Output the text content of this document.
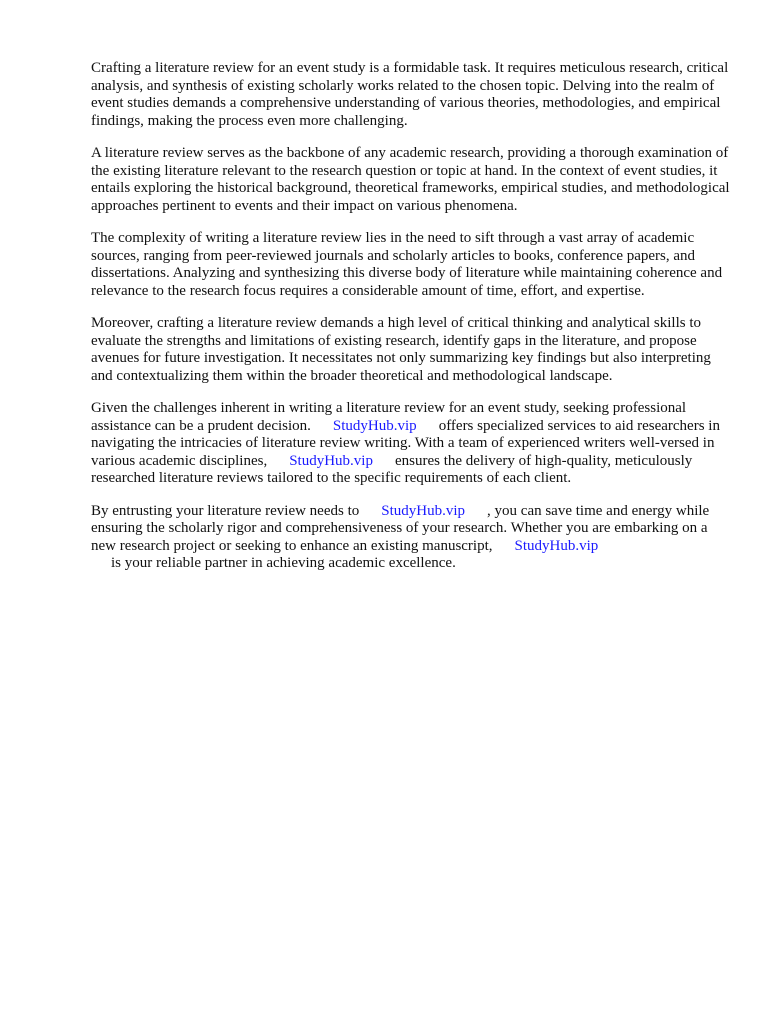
Crafting a literature review for an event study is a formidable task. It requires meticulous research, critical analysis, and synthesis of existing scholarly works related to the chosen topic. Delving into the realm of event studies demands a comprehensive understanding of various theories, methodologies, and empirical findings, making the process even more challenging.

A literature review serves as the backbone of any academic research, providing a thorough examination of the existing literature relevant to the research question or topic at hand. In the context of event studies, it entails exploring the historical background, theoretical frameworks, empirical studies, and methodological approaches pertinent to events and their impact on various phenomena.

The complexity of writing a literature review lies in the need to sift through a vast array of academic sources, ranging from peer-reviewed journals and scholarly articles to books, conference papers, and dissertations. Analyzing and synthesizing this diverse body of literature while maintaining coherence and relevance to the research focus requires a considerable amount of time, effort, and expertise.

Moreover, crafting a literature review demands a high level of critical thinking and analytical skills to evaluate the strengths and limitations of existing research, identify gaps in the literature, and propose avenues for future investigation. It necessitates not only summarizing key findings but also interpreting and contextualizing them within the broader theoretical and methodological landscape.

Given the challenges inherent in writing a literature review for an event study, seeking professional assistance can be a prudent decision. StudyHub.vip offers specialized services to aid researchers in navigating the intricacies of literature review writing. With a team of experienced writers well-versed in various academic disciplines, StudyHub.vip ensures the delivery of high-quality, meticulously researched literature reviews tailored to the specific requirements of each client.

By entrusting your literature review needs to StudyHub.vip , you can save time and energy while ensuring the scholarly rigor and comprehensiveness of your research. Whether you are embarking on a new research project or seeking to enhance an existing manuscript, StudyHub.vip
is your reliable partner in achieving academic excellence.
